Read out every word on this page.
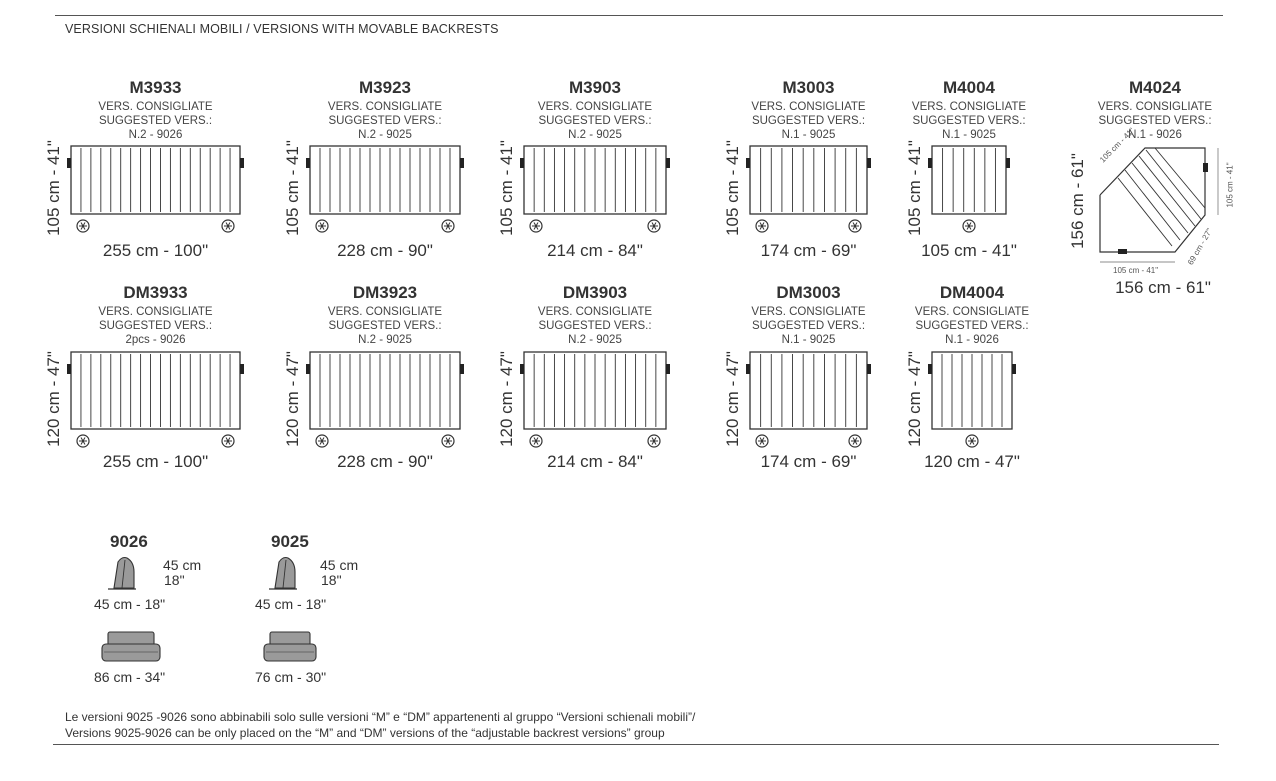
VERSIONI SCHIENALI MOBILI / VERSIONS WITH MOVABLE BACKRESTS
M3933
VERS. CONSIGLIATE
SUGGESTED VERS.:
N.2 - 9026
255 cm - 100"
105 cm - 41"
M3923
VERS. CONSIGLIATE
SUGGESTED VERS.:
N.2 - 9025
228 cm - 90"
105 cm - 41"
M3903
VERS. CONSIGLIATE
SUGGESTED VERS.:
N.2 - 9025
214 cm - 84"
105 cm - 41"
M3003
VERS. CONSIGLIATE
SUGGESTED VERS.:
N.1 - 9025
174 cm - 69"
105 cm - 41"
M4004
VERS. CONSIGLIATE
SUGGESTED VERS.:
N.1 - 9025
105 cm - 41"
105 cm - 41"
DM3933
VERS. CONSIGLIATE
SUGGESTED VERS.:
2pcs - 9026
255 cm - 100"
120 cm - 47"
DM3923
VERS. CONSIGLIATE
SUGGESTED VERS.:
N.2 - 9025
228 cm - 90"
120 cm - 47"
DM3903
VERS. CONSIGLIATE
SUGGESTED VERS.:
N.2 - 9025
214 cm - 84"
120 cm - 47"
DM3003
VERS. CONSIGLIATE
SUGGESTED VERS.:
N.1 - 9025
174 cm - 69"
120 cm - 47"
DM4004
VERS. CONSIGLIATE
SUGGESTED VERS.:
N.1 - 9026
120 cm - 47"
120 cm - 47"
M4024
VERS. CONSIGLIATE
SUGGESTED VERS.:
N.1 - 9026
105 cm - 41"
105 cm - 41"
105 cm - 41"
69 cm - 27"
156 cm - 61"
156 cm - 61"
9026
45 cm
18"
45 cm - 18"
86 cm - 34"
9025
45 cm
18"
45 cm - 18"
76 cm - 30"
Le versioni 9025 -9026 sono abbinabili solo sulle versioni “M” e “DM” appartenenti al gruppo “Versioni schienali mobili”/
Versions 9025-9026 can be only placed on the “M” and “DM” versions of the “adjustable backrest versions” group
